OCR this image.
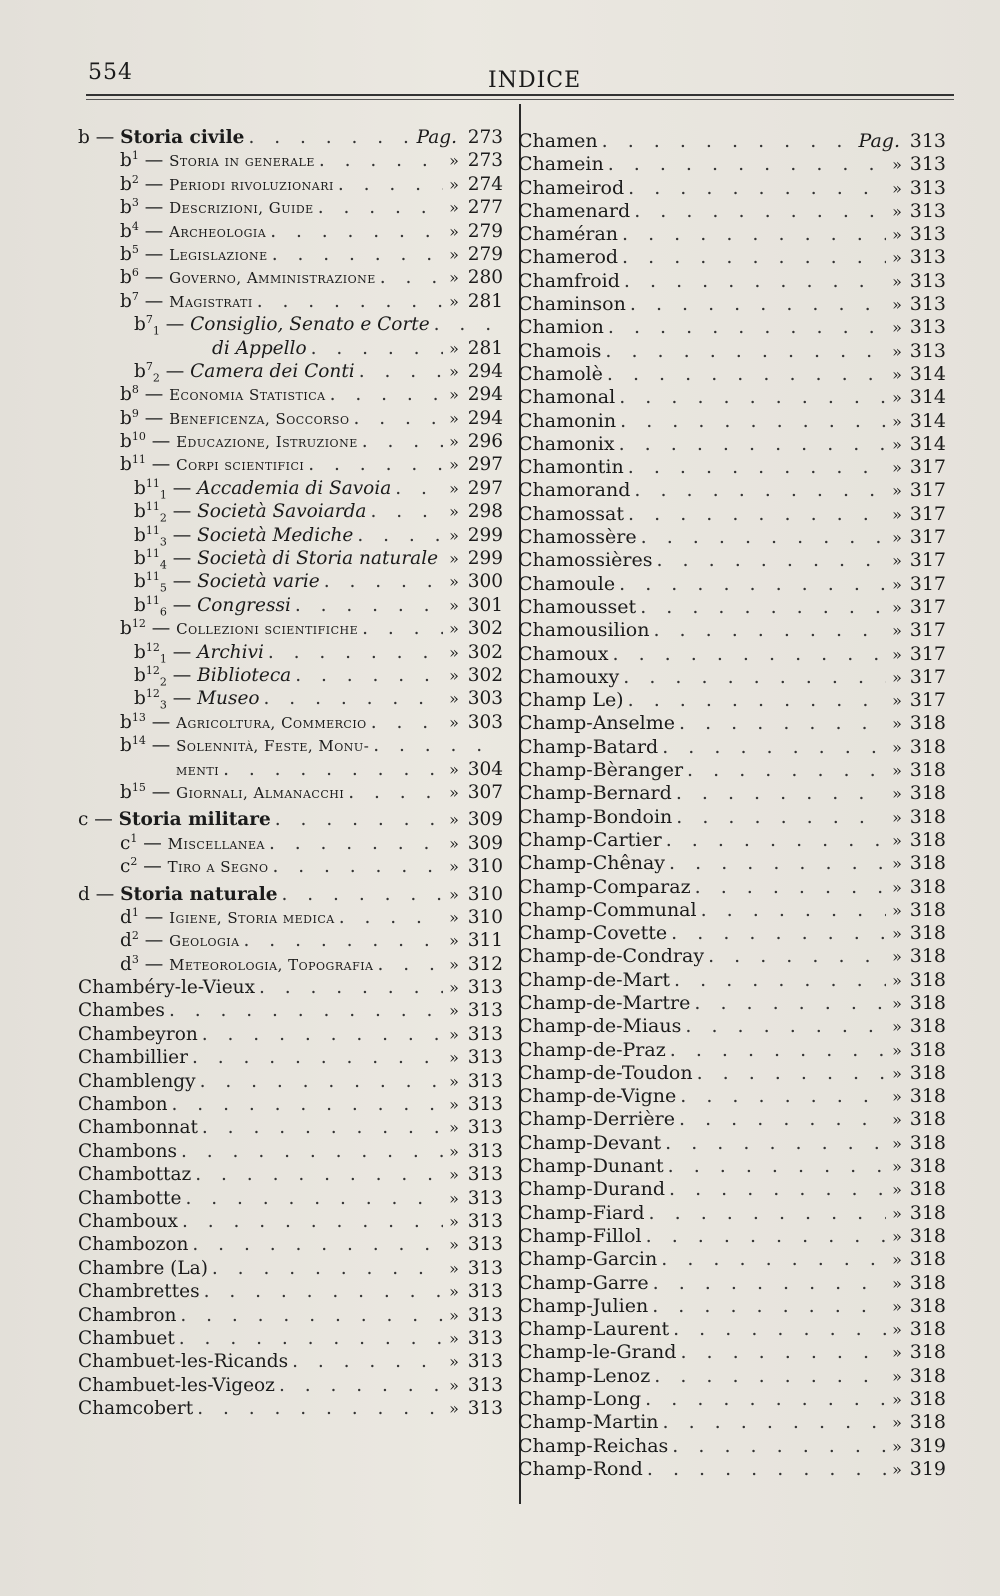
554	INDICE
b — Storia civile . . .	Pag. 273
$b^1$ — Storia in generale . . .	» 273
$b^2$ — Periodi rivoluzionari . . .	» 274
$b^3$ — Descrizioni, Guide . . .	» 277
$b^4$ — Archeologia . . .	» 279
$b^5$ — Legislazione . . .	» 279
$b^6$ — Governo, Amministrazione . . .	» 280
$b^7$ — Magistrati . . .	» 281
$b^7_1$ — Consiglio, Senato e Corte
. . .
di Appello . . .	» 281
$b^7_2$ — Camera dei Conti . . .	» 294
$b^8$ — Economia Statistica . . .	» 294
$b^9$ — Beneficenza, Soccorso . . .	» 294
$b^{10}$ — Educazione, Istruzione . . .	» 296
$b^{11}$ — Corpi scientifici . . .	» 297
$b^{11}_1$ — Accademia di Savoia . . .	» 297
$b^{11}_2$ — Società Savoiarda . . .	» 298
$b^{11}_3$ — Società Mediche . . .	» 299
$b^{11}_4$ — Società di Storia naturale . . . » 299
$b^{11}_5$ — Società varie . . .	» 300
$b^{11}_6$ — Congressi . . .	» 301
$b^{12}$ — Collezioni scientifiche . . .	» 302
$b^{12}_1$ — Archivi . . .	» 302
$b^{12}_2$ — Biblioteca . . .	» 302
$b^{12}_3$ — Museo . . .	» 303
$b^{13}$ — Agricoltura, Commercio . . .	» 303
$b^{14}$ — Solennità, Feste, Monu-
. . .
menti . . .	» 304
$b^{15}$ — Giornali, Almanacchi . . .	» 307
c — Storia militare . . .	» 309
$c^1$ — Miscellanea . . .	» 309
$c^2$ — Tiro a Segno . . .	» 310
d — Storia naturale . . .	» 310
$d^1$ — Igiene, Storia medica . . .	» 310
$d^2$ — Geologia . . .	» 311
$d^3$ — Meteorologia, Topografia . . .	» 312
Chambéry-le-Vieux . . .	» 313
Chambes . . .	» 313
Chambeyron . . .	» 313
Chambillier . . .	» 313
Chamblengy . . .	» 313
Chambon . . .	» 313
Chambonnat . . .	» 313
Chambons . . .	» 313
Chambottaz . . .	» 313
Chambotte . . .	» 313
Chamboux . . .	» 313
Chambozon . . .	» 313
Chambre (La) . . .	» 313
Chambrettes . . .	» 313
Chambron . . .	» 313
Chambuet . . .	» 313
Chambuet-les-Ricands . . .	» 313
Chambuet-les-Vigeoz . . .	» 313
Chamcobert . . .	» 313
Chamen . . .	Pag. 313
Chamein . . .	» 313
Chameirod . . .	» 313
Chamenard . . .	» 313
Chaméran . . .	» 313
Chamerod . . .	» 313
Chamfroid . . .	» 313
Chaminson . . .	» 313
Chamion . . .	» 313
Chamois . . .	» 313
Chamolè . . .	» 314
Chamonal . . .	» 314
Chamonin . . .	» 314
Chamonix . . .	» 314
Chamontin . . .	» 317
Chamorand . . .	» 317
Chamossat . . .	» 317
Chamossère . . .	» 317
Chamossières . . .	» 317
Chamoule . . .	» 317
Chamousset . . .	» 317
Chamousilion . . .	» 317
Chamoux . . .	» 317
Chamouxy . . .	» 317
Champ Le) . . .	» 317
Champ-Anselme . . .	» 318
Champ-Batard . . .	» 318
Champ-Bèranger . . .	» 318
Champ-Bernard . . .	» 318
Champ-Bondoin . . .	» 318
Champ-Cartier . . .	» 318
Champ-Chênay . . .	» 318
Champ-Comparaz . . .	» 318
Champ-Communal . . .	» 318
Champ-Covette . . .	» 318
Champ-de-Condray . . .	» 318
Champ-de-Mart . . .	» 318
Champ-de-Martre . . .	» 318
Champ-de-Miaus . . .	» 318
Champ-de-Praz . . .	» 318
Champ-de-Toudon . . .	» 318
Champ-de-Vigne . . .	» 318
Champ-Derrière . . .	» 318
Champ-Devant . . .	» 318
Champ-Dunant . . .	» 318
Champ-Durand . . .	» 318
Champ-Fiard . . .	» 318
Champ-Fillol . . .	» 318
Champ-Garcin . . .	» 318
Champ-Garre . . .	» 318
Champ-Julien . . .	» 318
Champ-Laurent . . .	» 318
Champ-le-Grand . . .	» 318
Champ-Lenoz . . .	» 318
Champ-Long . . .	» 318
Champ-Martin . . .	» 318
Champ-Reichas . . .	» 319
Champ-Rond . . .	» 319
